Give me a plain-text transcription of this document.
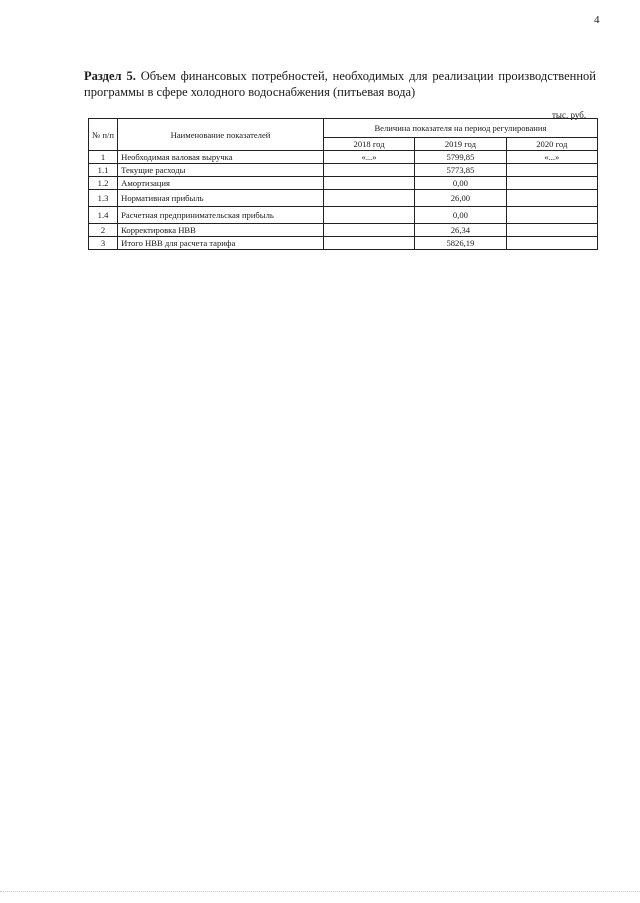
4
Раздел 5. Объем финансовых потребностей, необходимых для реализации производственной программы в сфере холодного водоснабжения (питьевая вода)
тыс. руб.
№ п/п	Наименование показателей	Величина показателя на период регулирования		
		2018 год	2019 год	2020 год
1	Необходимая валовая выручка	«...»	5799,85	«...»
1.1	Текущие расходы		5773,85	
1.2	Амортизация		0,00	
1.3	Нормативная прибыль		26,00	
1.4	Расчетная предпринимательская прибыль		0,00	
2	Корректировка НВВ		26,34	
3	Итого НВВ для расчета тарифа		5826,19	
